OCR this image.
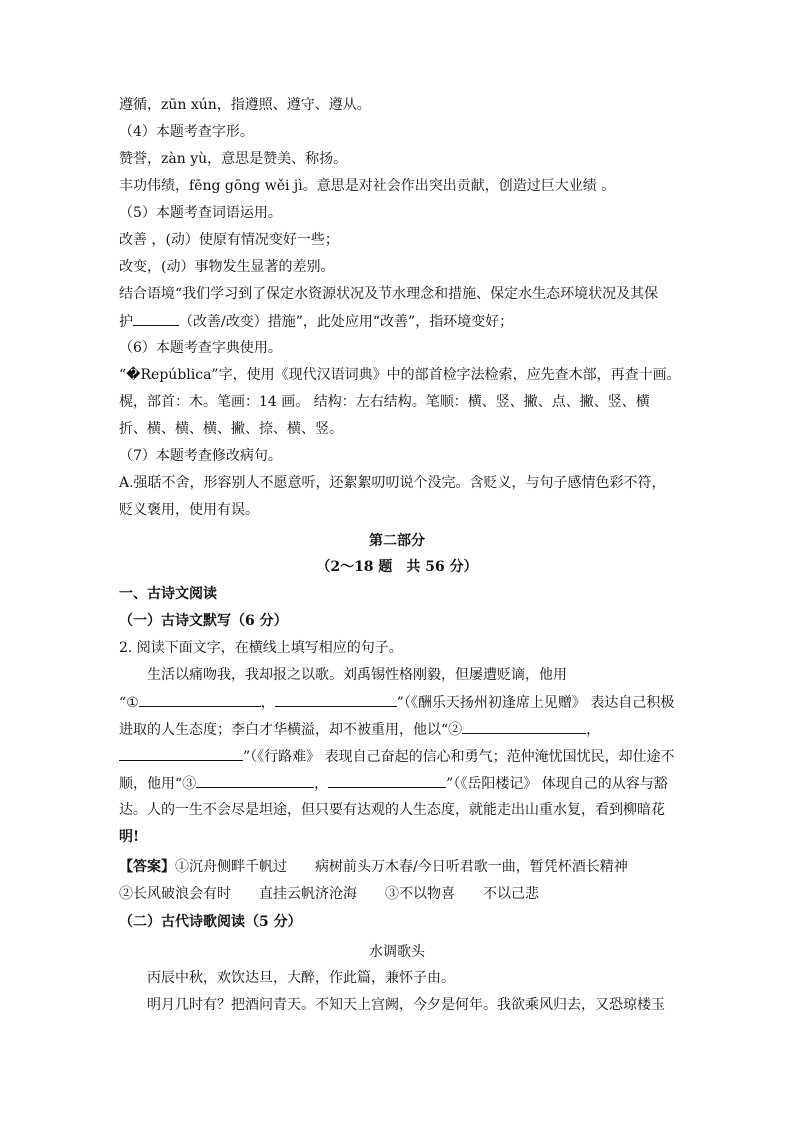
遵循，zūn xún，指遵照、遵守、遵从。
（4）本题考查字形。
赞誉，zàn yù，意思是赞美、称扬。
丰功伟绩，fēng gōng wěi jì。意思是对社会作出突出贡献，创造过巨大业绩 。
（5）本题考查词语运用。
改善 ，(动）使原有情况变好一些；
改变，(动）事物发生显著的差别。
结合语境“我们学习到了保定水资源状况及节水理念和措施、保定水生态环境状况及其保
护	（改善/改变）措施”，此处应用“改善”，指环境变好；
（6）本题考查字典使用。
“�República”字，使用《现代汉语词典》中的部首检字法检索，应先查木部，再查十画。
榥，部首：木。笔画：14 画。 结构：左右结构。笔顺：横、竖、撇、点、撇、竖、横
折、横、横、横、撇、捺、横、竖。
（7）本题考查修改病句。
A.强聒不舍，形容别人不愿意听，还絮絮叨叨说个没完。含贬义，与句子感情色彩不符，
贬义褒用，使用有误。
第二部分
（2～18 题　共 56 分）
一、古诗文阅读
（一）古诗文默写（6 分）
2. 阅读下面文字，在横线上填写相应的句子。
生活以痛吻我，我却报之以歌。刘禹锡性格刚毅，但屡遭贬谪，他用
“①	，	”（《酬乐天扬州初逢席上见赠》 表达自己积极
进取的人生态度；李白才华横溢，却不被重用，他以“②	，
”（《行路难》 表现自己奋起的信心和勇气；范仲淹忧国忧民，却仕途不
顺，他用“③	，	”（《岳阳楼记》 体现自己的从容与豁
达。人的一生不会尽是坦途，但只要有达观的人生态度，就能走出山重水复，看到柳暗花
明!
【答案】①沉舟侧畔千帆过 病树前头万木春/今日听君歌一曲，暂凭杯酒长精神
②长风破浪会有时 直挂云帆济沧海 ③不以物喜 不以己悲
（二）古代诗歌阅读（5 分）
水调歌头
丙辰中秋，欢饮达旦，大醉，作此篇，兼怀子由。
明月几时有？把酒问青天。不知天上宫阙，今夕是何年。我欲乘风归去，又恐琼楼玉
